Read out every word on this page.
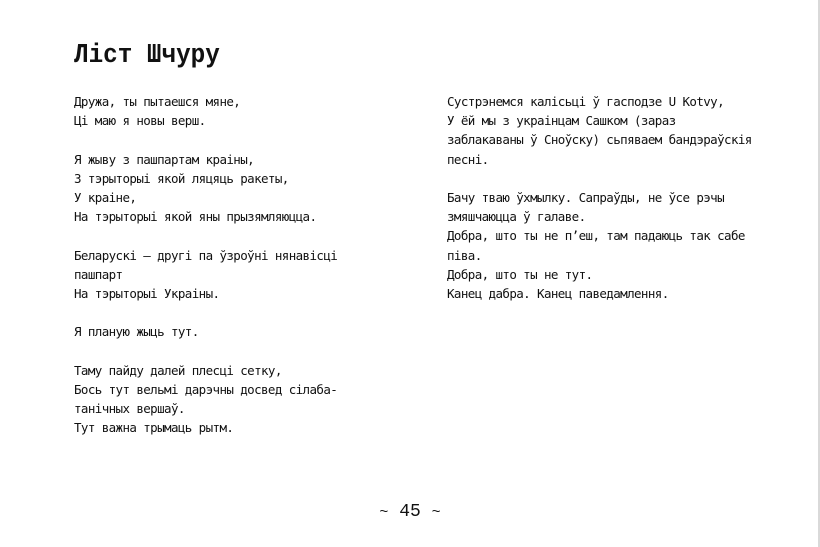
Ліст Шчуру
Дружа, ты пытаешся мяне,
Ці маю я новы верш.
Я жыву з пашпартам краіны,
З тэрыторыі якой ляцяць ракеты,
У краіне,
На тэрыторыі якой яны прызямляюцца.
Беларускі — другі па ўзроўні нянавісці
пашпарт
На тэрыторыі Украіны.
Я планую жыць тут.
Таму пайду далей плесці сетку,
Бось тут вельмі дарэчны досвед сілаба-
танічных вершаў.
Тут важна трымаць рытм.
Сустрэнемся калісьці ў гасподзе U Kotvy,
У ёй мы з украінцам Сашком (зараз
заблакаваны ў Сноўску) сьпяваем бандэраўскія
песні.
Бачу тваю ўхмылку. Сапраўды, не ўсе рэчы
змяшчаюцца ў галаве.
Добра, што ты не п’еш, там падаюць так сабе
піва.
Добра, што ты не тут.
Канец дабра. Канец паведамлення.
~ 45 ~
